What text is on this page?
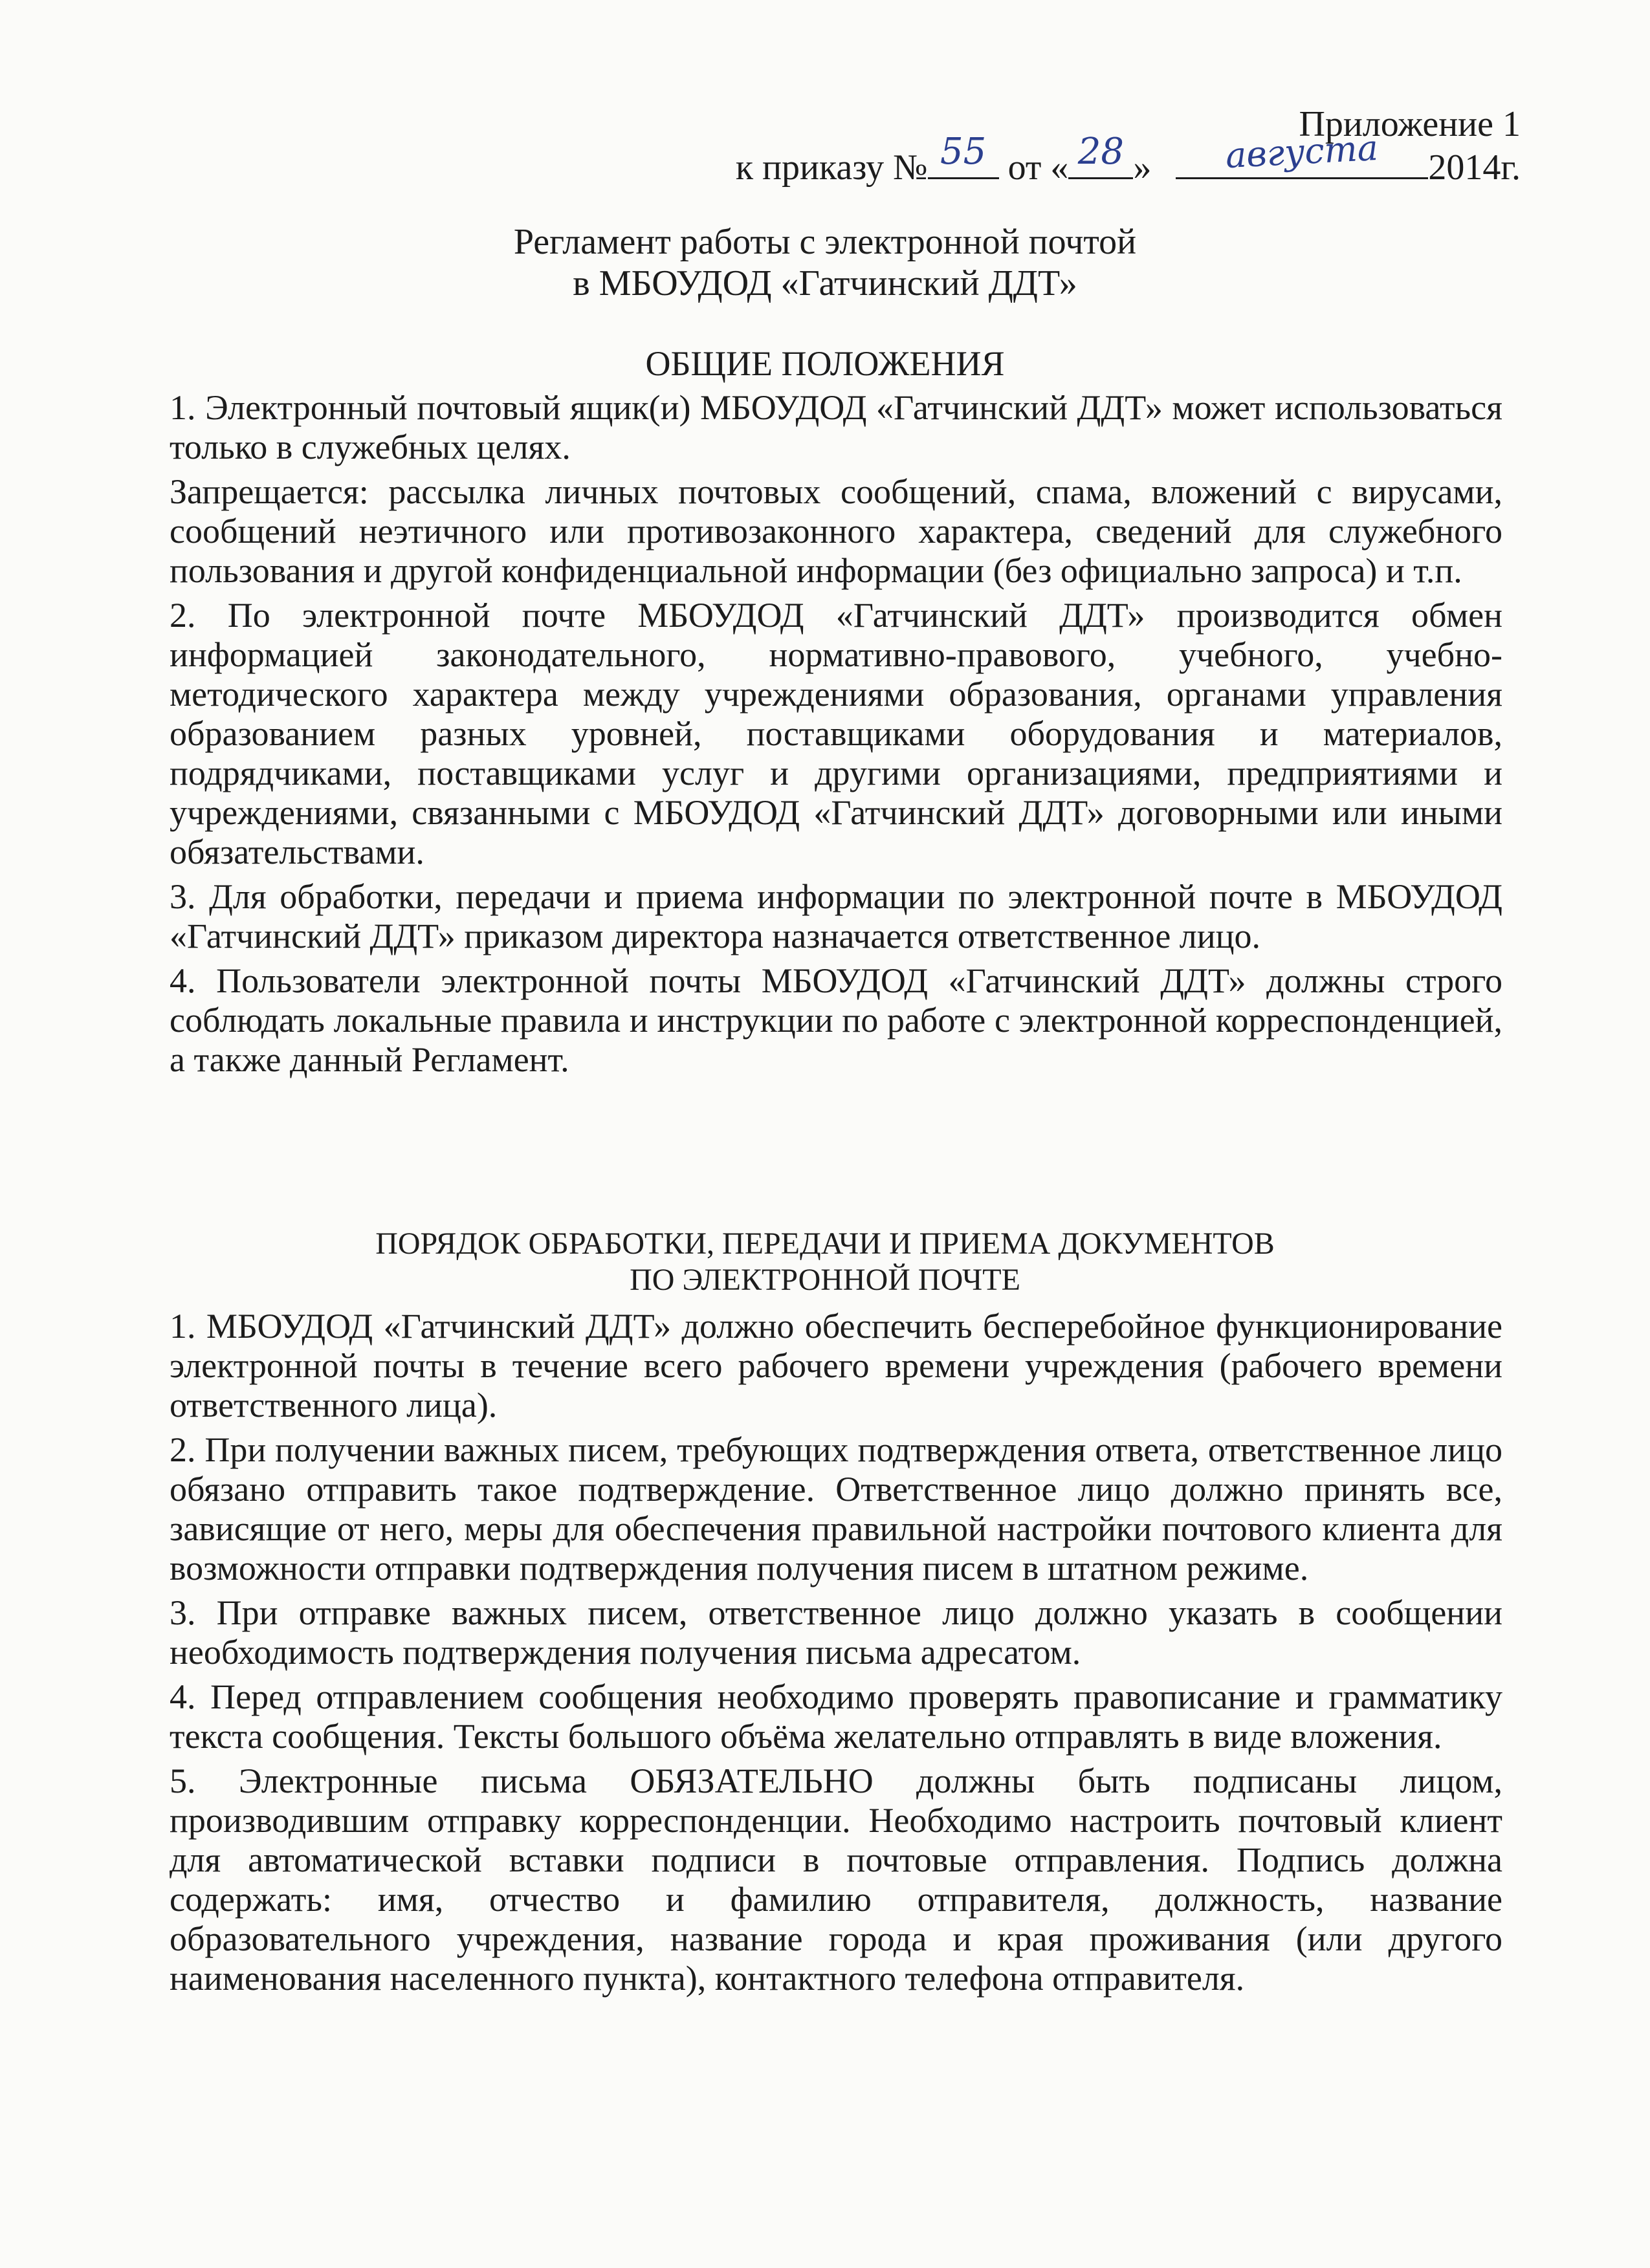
Приложение 1
к приказу № 55 от « 28 »	августа	2014г.
Регламент работы с электронной почтой
в МБОУДОД «Гатчинский ДДТ»
ОБЩИЕ ПОЛОЖЕНИЯ

1. Электронный почтовый ящик(и) МБОУДОД «Гатчинский ДДТ» может использоваться только в служебных целях.

Запрещается: рассылка личных почтовых сообщений, спама, вложений с вирусами, сообщений неэтичного или противозаконного характера, сведений для служебного пользования и другой конфиденциальной информации (без официально запроса) и т.п.

2. По электронной почте МБОУДОД «Гатчинский ДДТ» производится обмен информацией законодательного, нормативно-правового, учебного, учебно-методического характера между учреждениями образования, органами управления образованием разных уровней, поставщиками оборудования и материалов, подрядчиками, поставщиками услуг и другими организациями, предприятиями и учреждениями, связанными с МБОУДОД «Гатчинский ДДТ» договорными или иными обязательствами.

3. Для обработки, передачи и приема информации по электронной почте в МБОУДОД «Гатчинский ДДТ» приказом директора назначается ответственное лицо.

4. Пользователи электронной почты МБОУДОД «Гатчинский ДДТ» должны строго соблюдать локальные правила и инструкции по работе с электронной корреспонденцией, а также данный Регламент.

ПОРЯДОК ОБРАБОТКИ, ПЕРЕДАЧИ И ПРИЕМА ДОКУМЕНТОВ
ПО ЭЛЕКТРОННОЙ ПОЧТЕ

1. МБОУДОД «Гатчинский ДДТ» должно обеспечить бесперебойное функционирование электронной почты в течение всего рабочего времени учреждения (рабочего времени ответственного лица).

2. При получении важных писем, требующих подтверждения ответа, ответственное лицо обязано отправить такое подтверждение. Ответственное лицо должно принять все, зависящие от него, меры для обеспечения правильной настройки почтового клиента для возможности отправки подтверждения получения писем в штатном режиме.

3. При отправке важных писем, ответственное лицо должно указать в сообщении необходимость подтверждения получения письма адресатом.

4. Перед отправлением сообщения необходимо проверять правописание и грамматику текста сообщения. Тексты большого объёма желательно отправлять в виде вложения.

5. Электронные письма ОБЯЗАТЕЛЬНО должны быть подписаны лицом, производившим отправку корреспонденции. Необходимо настроить почтовый клиент для автоматической вставки подписи в почтовые отправления. Подпись должна содержать: имя, отчество и фамилию отправителя, должность, название образовательного учреждения, название города и края проживания (или другого наименования населенного пункта), контактного телефона отправителя.
